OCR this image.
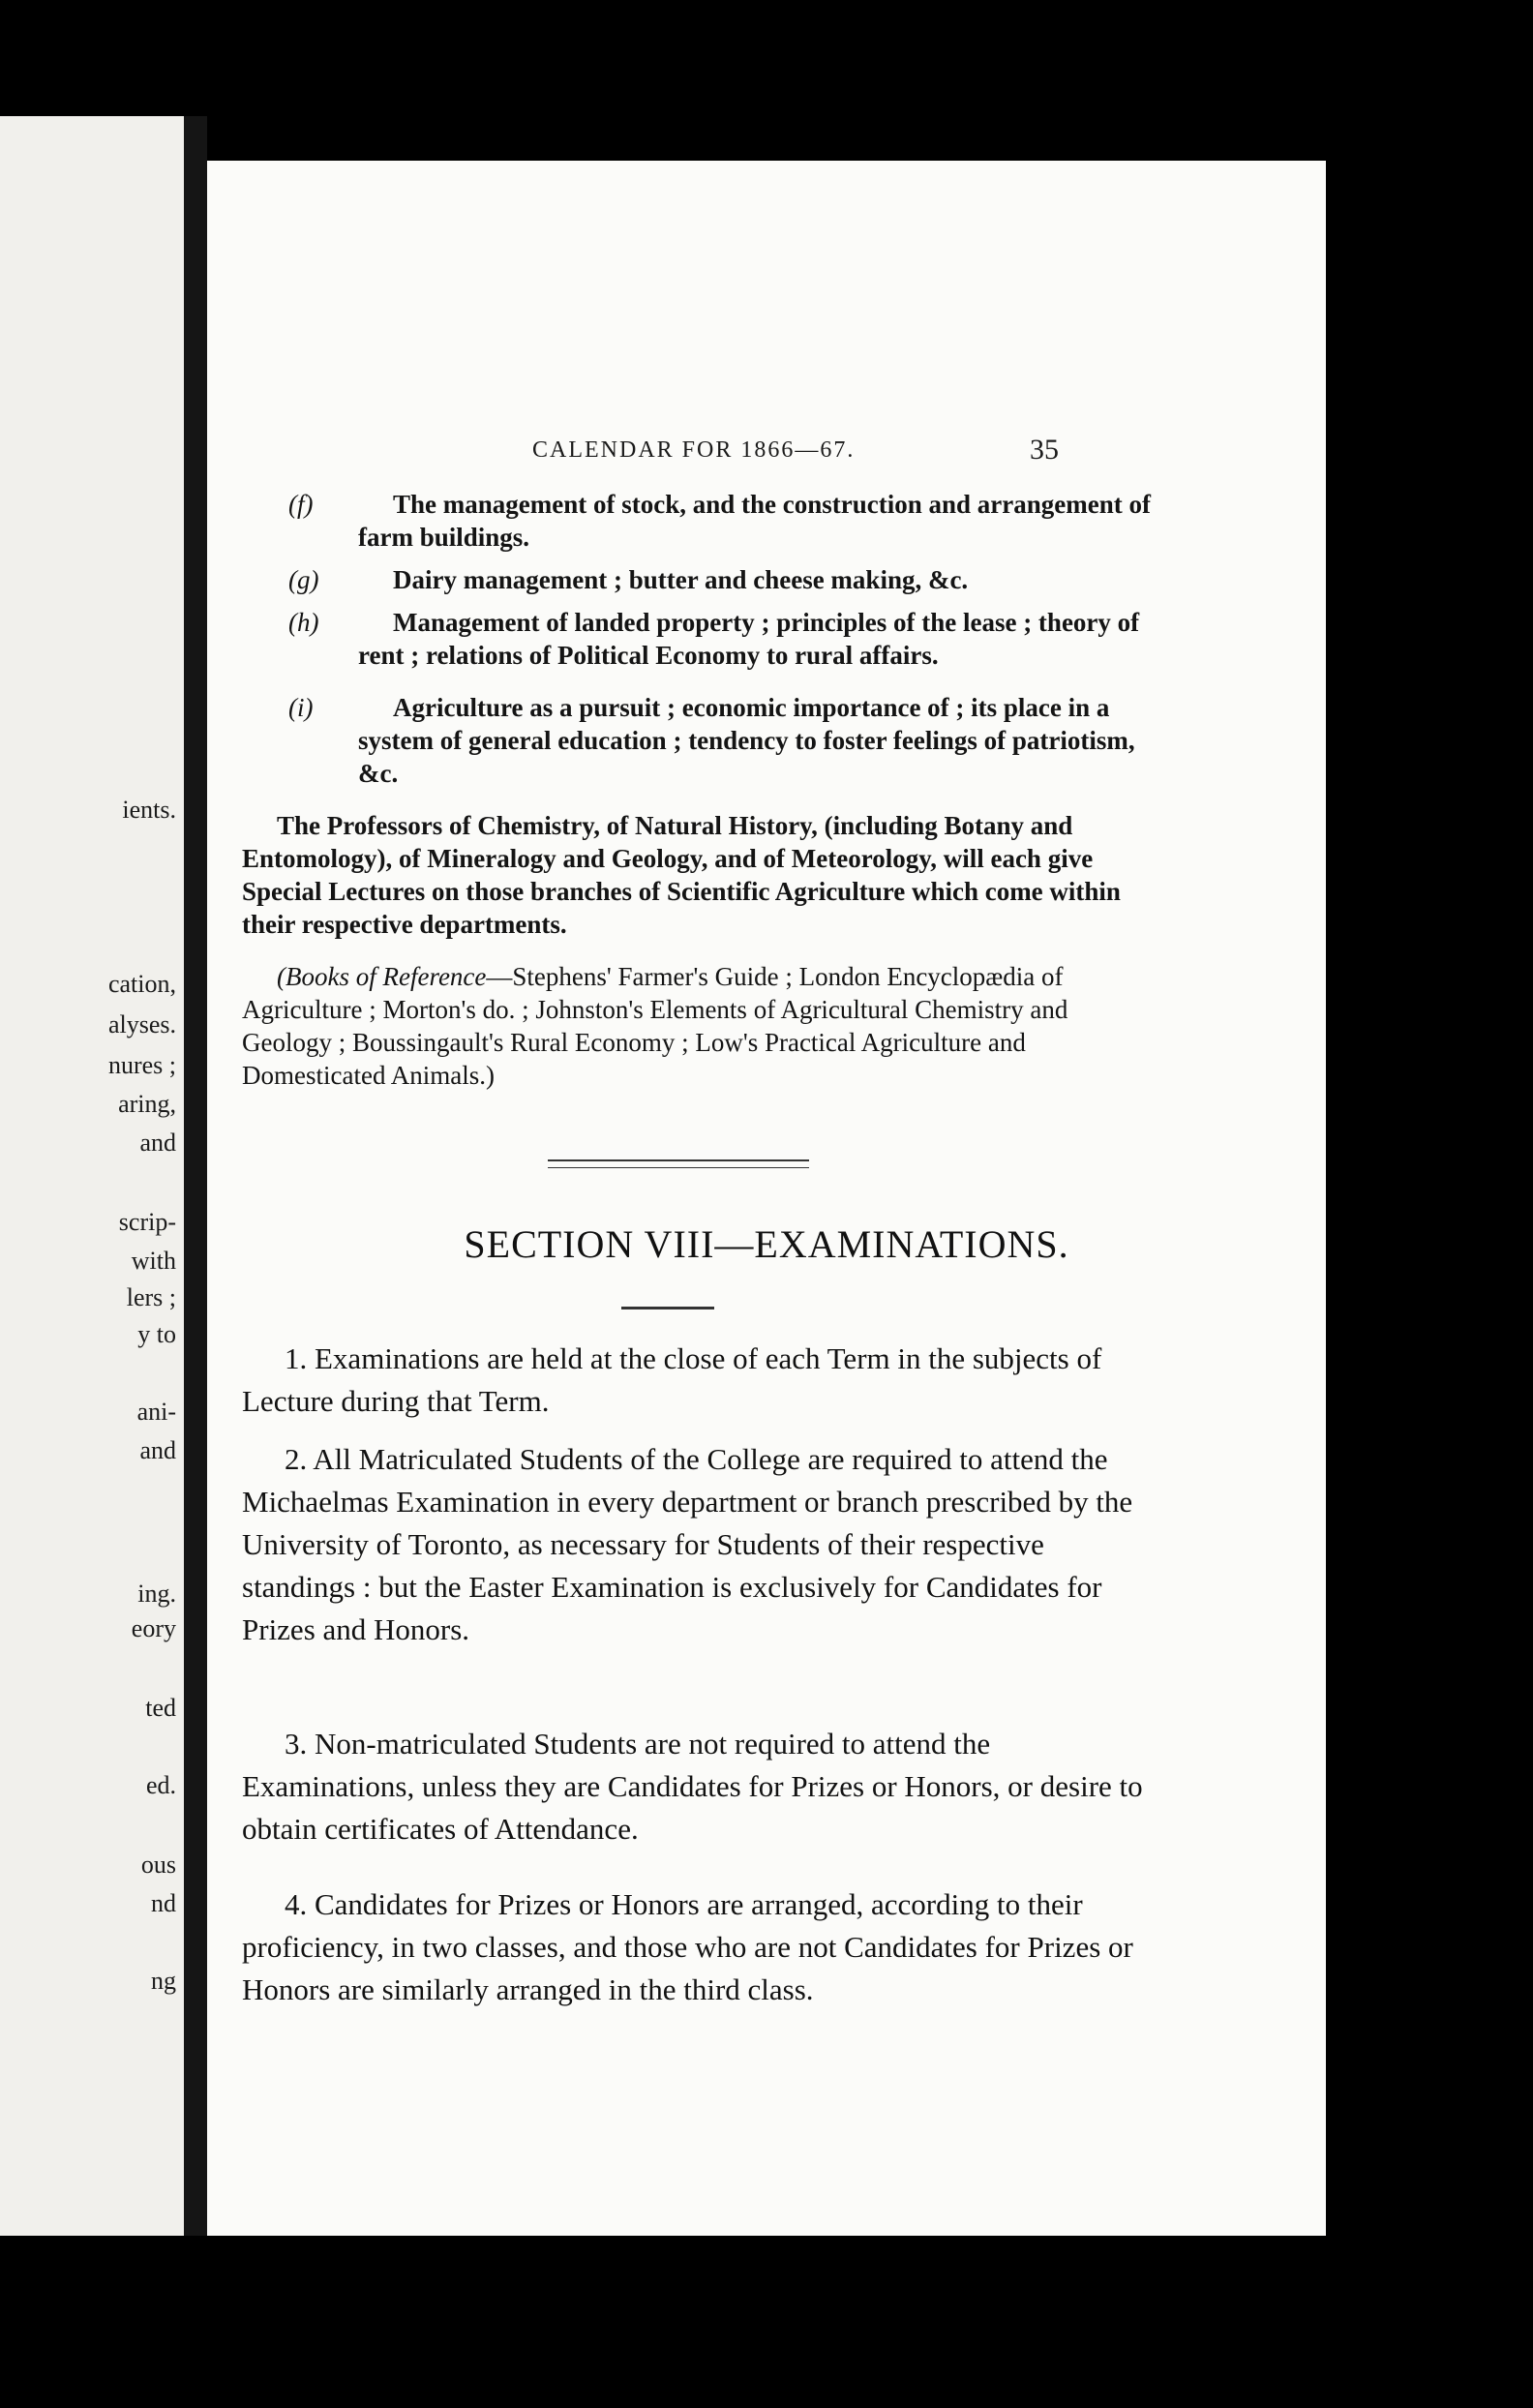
ients.
cation,
alyses.
nures ;
aring,
and
scrip-
with
lers ;
y to
ani-
and
ing.
eory
ted
ed.
ous
nd
ng
CALENDAR FOR 1866—67.	35
(f)	The management of stock, and the construction and arrangement of farm buildings.
(g)	Dairy management ; butter and cheese making, &c.
(h)	Management of landed property ; principles of the lease ; theory of rent ; relations of Political Economy to rural affairs.
(i)	Agriculture as a pursuit ; economic importance of ; its place in a system of general education ; tendency to foster feelings of patriotism, &c.
The Professors of Chemistry, of Natural History, (including Botany and Entomology), of Mineralogy and Geology, and of Meteorology, will each give Special Lectures on those branches of Scientific Agriculture which come within their respective departments.
(Books of Reference—Stephens' Farmer's Guide ; London Encyclopædia of Agriculture ; Morton's do. ; Johnston's Elements of Agricultural Chemistry and Geology ; Boussingault's Rural Economy ; Low's Practical Agriculture and Domesticated Animals.)
SECTION VIII—EXAMINATIONS.
1. Examinations are held at the close of each Term in the subjects of Lecture during that Term.
2. All Matriculated Students of the College are required to attend the Michaelmas Examination in every department or branch prescribed by the University of Toronto, as necessary for Students of their respective standings : but the Easter Examination is exclusively for Candidates for Prizes and Honors.
3. Non-matriculated Students are not required to attend the Examinations, unless they are Candidates for Prizes or Honors, or desire to obtain certificates of Attendance.
4. Candidates for Prizes or Honors are arranged, according to their proficiency, in two classes, and those who are not Candidates for Prizes or Honors are similarly arranged in the third class.
